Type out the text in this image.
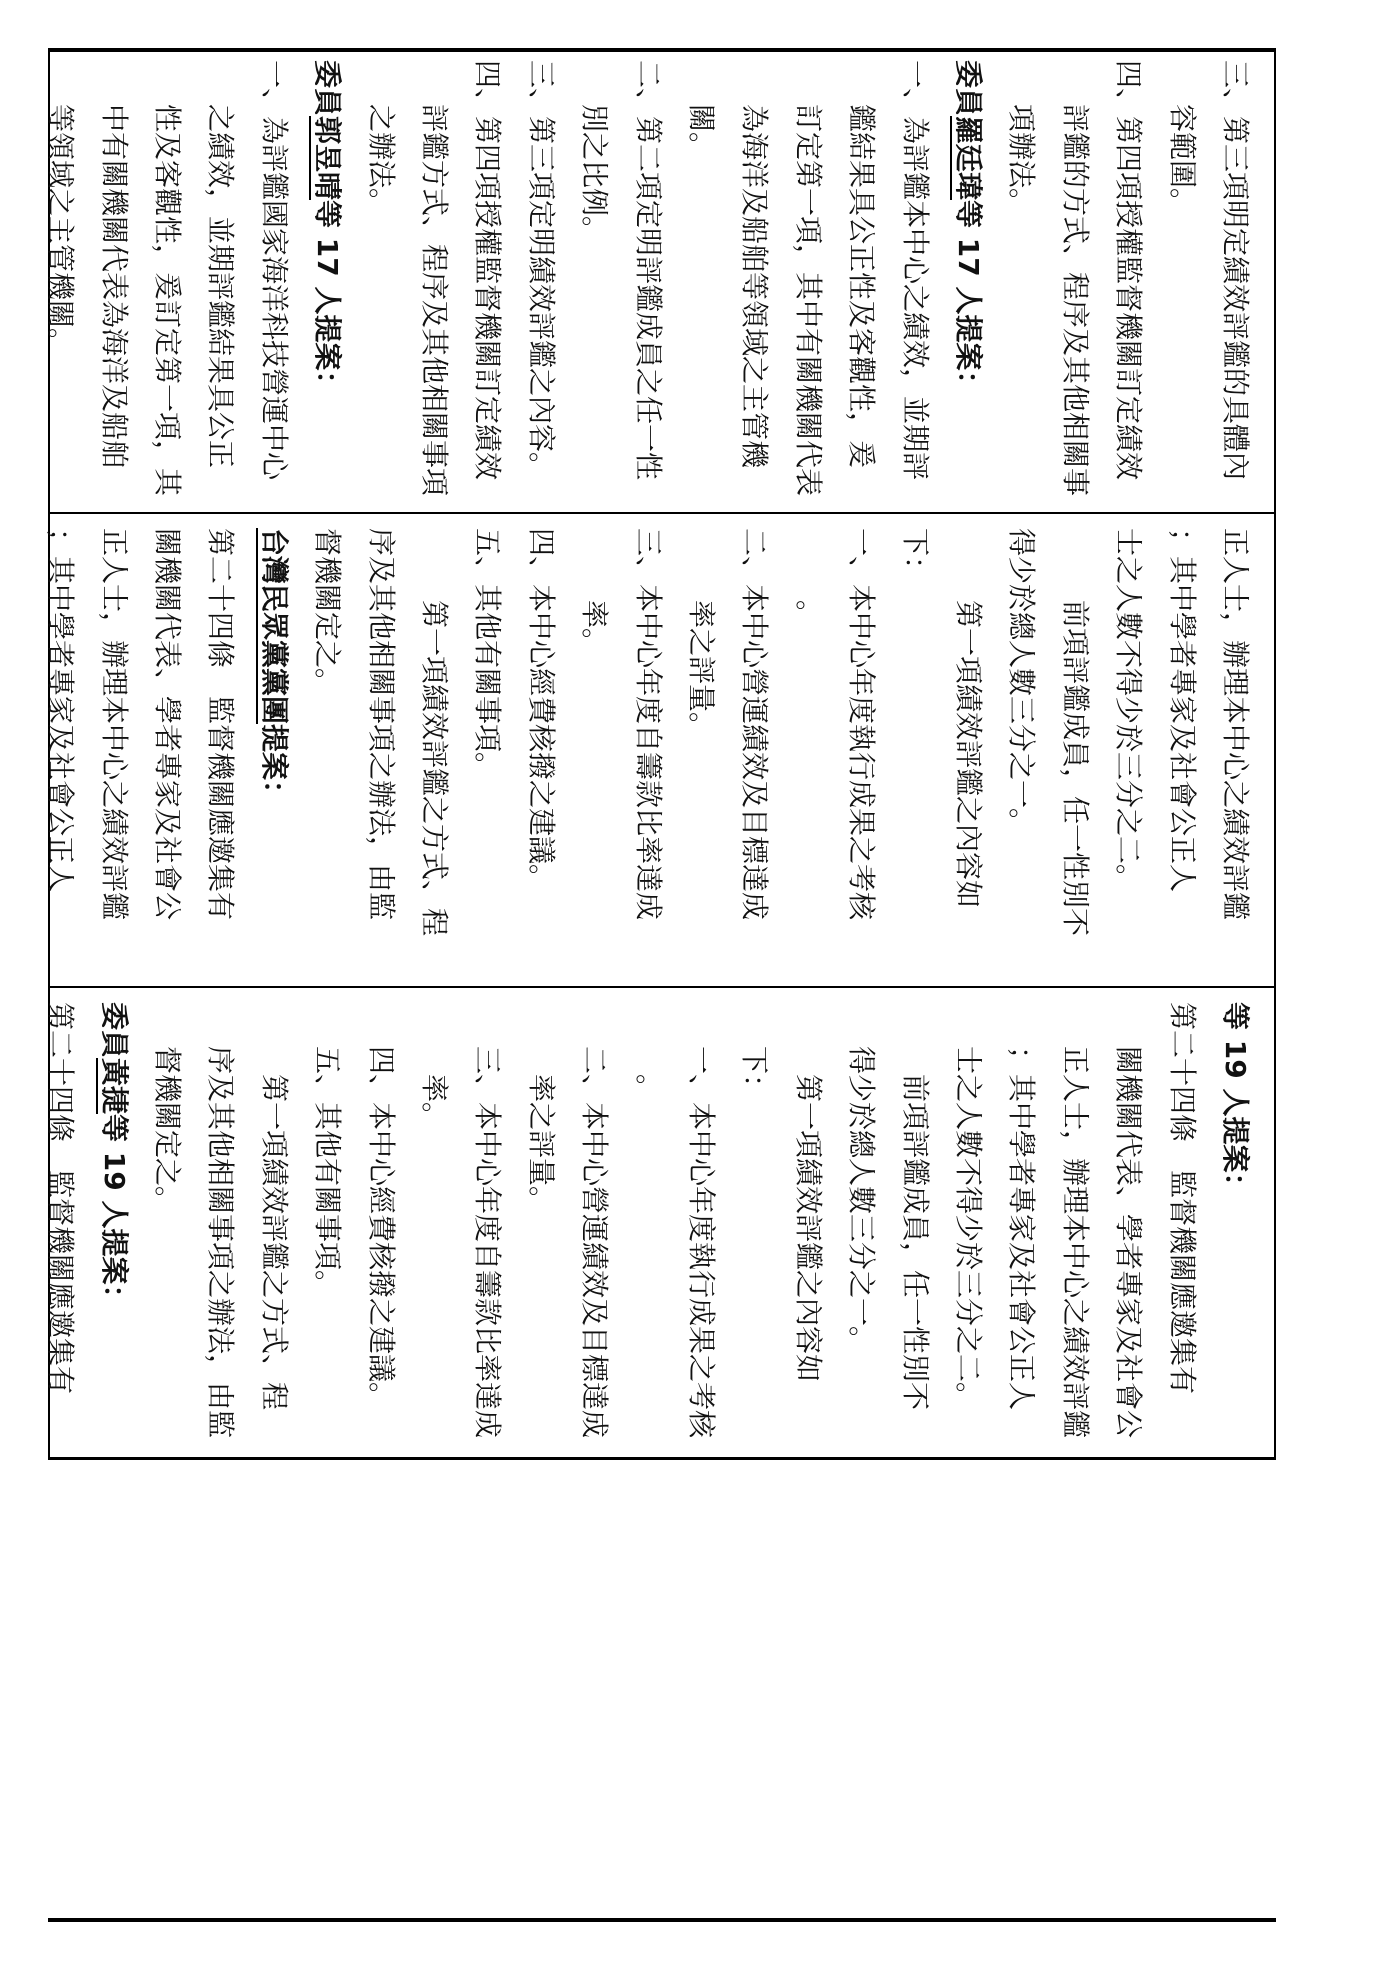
三、第三項明定績效評鑑的具體內
容範圍。
四、第四項授權監督機關訂定績效
評鑑的方式、程序及其他相關事
項辦法。
委員羅廷瑋等 17 人提案：
一、為評鑑本中心之績效，並期評
鑑結果具公正性及客觀性，爰
訂定第一項，其中有關機關代表
為海洋及船舶等領域之主管機
關。
二、第二項定明評鑑成員之任一性
別之比例。
三、第三項定明績效評鑑之內容。
四、第四項授權監督機關訂定績效
評鑑方式、程序及其他相關事項
之辦法。
委員郭昱晴等 17 人提案：
一、為評鑑國家海洋科技營運中心
之績效，並期評鑑結果具公正
性及客觀性，爰訂定第一項，其
中有關機關代表為海洋及船舶
等領域之主管機關。
正人士，辦理本中心之績效評鑑
；其中學者專家及社會公正人
士之人數不得少於三分之二。
前項評鑑成員，任一性別不
得少於總人數三分之一。
第一項績效評鑑之內容如
下：
一、本中心年度執行成果之考核
。
二、本中心營運績效及目標達成
率之評量。
三、本中心年度自籌款比率達成
率。
四、本中心經費核撥之建議。
五、其他有關事項。
第一項績效評鑑之方式、程
序及其他相關事項之辦法，由監
督機關定之。
台灣民眾黨黨團提案：
第二十四條　監督機關應邀集有
關機關代表、學者專家及社會公
正人士，辦理本中心之績效評鑑
；其中學者專家及社會公正人
等 19 人提案：
第二十四條　監督機關應邀集有
關機關代表、學者專家及社會公
正人士，辦理本中心之績效評鑑
；其中學者專家及社會公正人
士之人數不得少於三分之二。
前項評鑑成員，任一性別不
得少於總人數三分之一。
第一項績效評鑑之內容如
下：
一、本中心年度執行成果之考核
。
二、本中心營運績效及目標達成
率之評量。
三、本中心年度自籌款比率達成
率。
四、本中心經費核撥之建議。
五、其他有關事項。
第一項績效評鑑之方式、程
序及其他相關事項之辦法，由監
督機關定之。
委員黃捷等 19 人提案：
第二十四條　監督機關應邀集有
